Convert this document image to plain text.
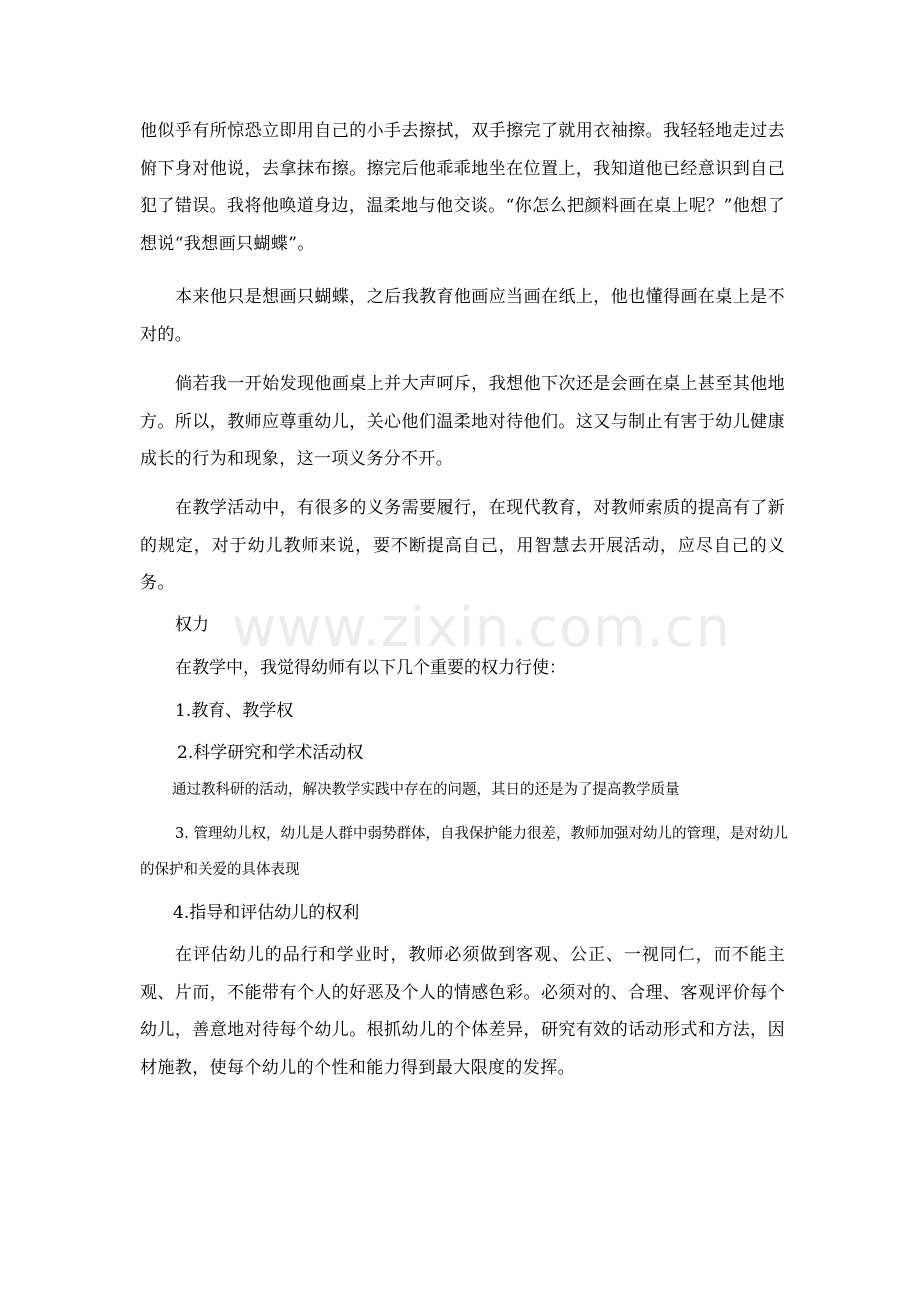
他似乎有所惊恐立即用自己的小手去擦拭，双手擦完了就用衣袖擦。我轻轻地走过去俯下身对他说，去拿抹布擦。擦完后他乖乖地坐在位置上，我知道他已经意识到自己犯了错误。我将他唤道身边，温柔地与他交谈。“你怎么把颜料画在桌上呢？”他想了想说“我想画只蝴蝶”。

本来他只是想画只蝴蝶，之后我教育他画应当画在纸上，他也懂得画在桌上是不对的。

倘若我一开始发现他画桌上并大声呵斥，我想他下次还是会画在桌上甚至其他地方。所以，教师应尊重幼儿，关心他们温柔地对待他们。这又与制止有害于幼儿健康成长的行为和现象，这一项义务分不开。

在教学活动中，有很多的义务需要履行，在现代教育，对教师索质的提高有了新的规定，对于幼儿教师来说，要不断提高自己，用智慧去开展活动，应尽自己的义务。

权力

在教学中，我觉得幼师有以下几个重要的权力行使：

1.教育、教学权

2.科学研究和学术活动权

通过教科研的活动，解决教学实践中存在的问题，其日的还是为了提高教学质量

3. 管理幼儿权，幼儿是人群中弱势群体，自我保护能力很差，教师加强对幼儿的管理，是对幼儿的保护和关爱的具体表现

4.指导和评估幼儿的权利

在评估幼儿的品行和学业时，教师必须做到客观、公正、一视同仁，而不能主观、片而，不能带有个人的好恶及个人的情感色彩。必须对的、合理、客观评价每个幼儿，善意地对待每个幼儿。根抓幼儿的个体差异，研究有效的话动形式和方法，因材施教，使每个幼儿的个性和能力得到最大限度的发挥。

www.zixin.com.cn
